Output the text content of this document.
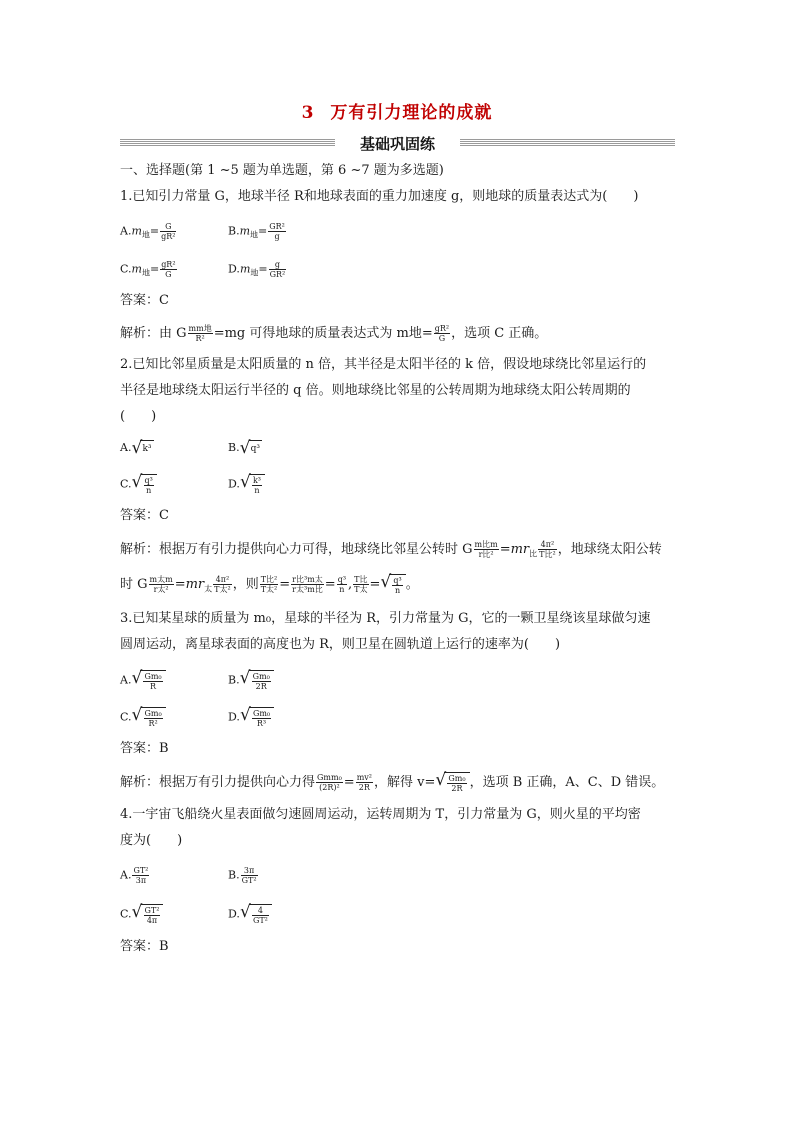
3 万有引力理论的成就
基础巩固练
一、选择题(第 1 ~5 题为单选题，第 6 ~7 题为多选题)
1.已知引力常量 G，地球半径 R和地球表面的重力加速度 g，则地球的质量表达式为(　　)
$A.m_地= \frac{G}{\text{gR²}}$	$B.m_地= \frac{\text{GR²}}{g}$
$C.m_地= \frac{\text{gR²}}{G}$	$D.m_地= \frac{g}{\text{GR²}}$
答案：C
解析：由 G $\frac{\text{mm地}}{\text{R²}} =mg$ 可得地球的质量表达式为 m地= $\frac{\text{gR²}}{G}$ ，选项 C 正确。
2.已知比邻星质量是太阳质量的 n 倍，其半径是太阳半径的 k 倍，假设地球绕比邻星运行的
半径是地球绕太阳运行半径的 q 倍。则地球绕比邻星的公转周期为地球绕太阳公转周期的
(　　)
A. √ k³	B. √ q³
C. √ $\frac{\text{q³}}{n}$	D. √ $\frac{\text{k³}}{n}$
答案：C
解析：根据万有引力提供向心力可得，地球绕比邻星公转时 G $\frac{\text{m比m}}{\text{r比²}} =mr_比 \frac{\text{4π²}}{\text{T比²}}$ ，地球绕太阳公转
时 G $\frac{\text{m太m}}{\text{r太²}} =mr_太 \frac{\text{4π²}}{\text{T太²}}$ ，则 $\frac{\text{T比²}}{\text{T太²}} = \frac{\text{r比³m太}}{\text{r太³m比}} = \frac{\text{q³}}{n}$ , $\frac{\text{T比}}{\text{T太}}$ = √ $\frac{\text{q³}}{n}$ 。
3.已知某星球的质量为 m₀，星球的半径为 R，引力常量为 G，它的一颗卫星绕该星球做匀速
圆周运动，离星球表面的高度也为 R，则卫星在圆轨道上运行的速率为(　　)
A. √ $\frac{\text{Gm₀}}{R}$	B. √ $\frac{\text{Gm₀}}{2R}$
C. √ $\frac{\text{Gm₀}}{\text{R²}}$	D. √ $\frac{\text{Gm₀}}{\text{R³}}$
答案：B
解析：根据万有引力提供向心力得 $\frac{\text{Gmm₀}}{\text{(2R)²}} = \frac{\text{mv²}}{2R}$ ，解得 v= √ $\frac{\text{Gm₀}}{2R}$ ，选项 B 正确，A、C、D 错误。
4.一宇宙飞船绕火星表面做匀速圆周运动，运转周期为 T，引力常量为 G，则火星的平均密
度为(　　)
A. $\frac{\text{GT²}}{3\pi}$	B. $\frac{3\pi}{\text{GT²}}$
C. √ $\frac{\text{GT²}}{4\pi}$	D. √ $\frac{4}{\text{GT²}}$
答案：B
